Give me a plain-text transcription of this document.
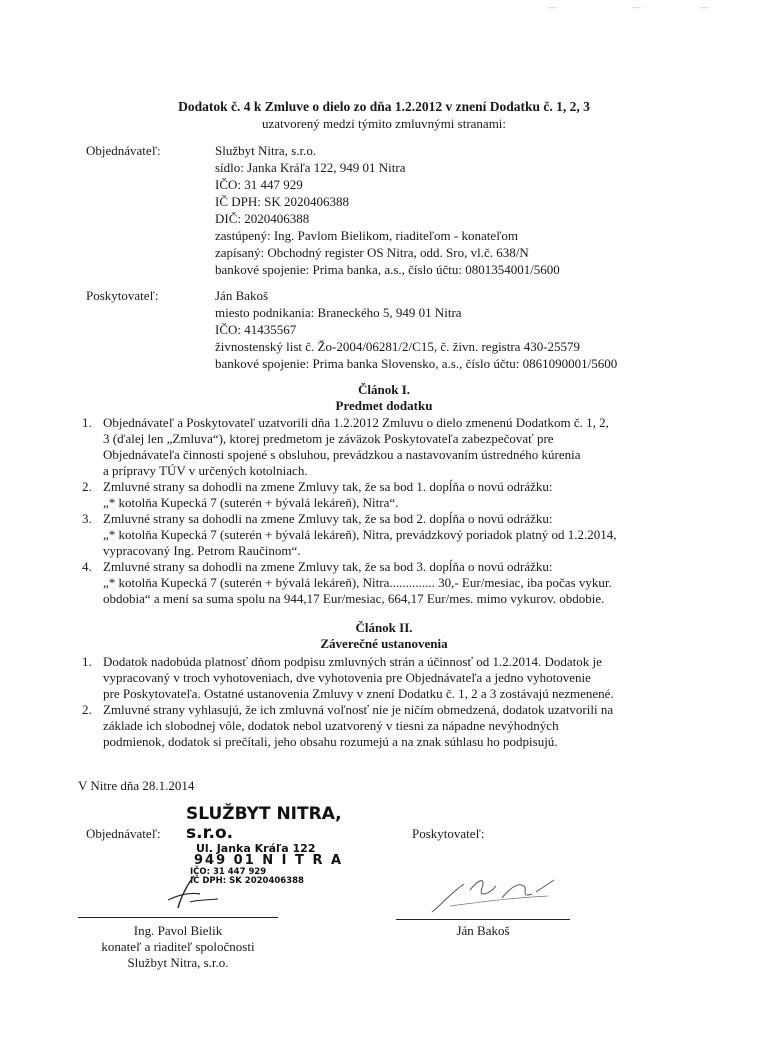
—	—	—
Dodatok č. 4 k Zmluve o dielo zo dňa 1.2.2012 v znení Dodatku č. 1, 2, 3
uzatvorený medzi týmito zmluvnými stranami:
Objednávateľ:	Službyt Nitra, s.r.o.
sídlo: Janka Kráľa 122, 949 01 Nitra
IČO: 31 447 929
IČ DPH: SK 2020406388
DIČ: 2020406388
zastúpený: Ing. Pavlom Bielikom, riaditeľom - konateľom
zapísaný: Obchodný register OS Nitra, odd. Sro, vl.č. 638/N
bankové spojenie: Prima banka, a.s., číslo účtu: 0801354001/5600
Poskytovateľ:	Ján Bakoš
miesto podnikania: Braneckého 5, 949 01 Nitra
IČO: 41435567
živnostenský list č. Žo-2004/06281/2/C15, č. živn. registra 430-25579
bankové spojenie: Prima banka Slovensko, a.s., číslo účtu: 0861090001/5600
Článok I.
Predmet dodatku
1. Objednávateľ a Poskytovateľ uzatvorili dňa 1.2.2012 Zmluvu o dielo zmenenú Dodatkom č. 1, 2,
3 (ďalej len „Zmluva“), ktorej predmetom je záväzok Poskytovateľa zabezpečovať pre
Objednávateľa činnosti spojené s obsluhou, prevádzkou a nastavovaním ústredného kúrenia
a prípravy TÚV v určených kotolniach.
2. Zmluvné strany sa dohodli na zmene Zmluvy tak, že sa bod 1. dopĺňa o novú odrážku:
„* kotolňa Kupecká 7 (suterén + bývalá lekáreň), Nitra“.
3. Zmluvné strany sa dohodli na zmene Zmluvy tak, že sa bod 2. dopĺňa o novú odrážku:
„* kotolňa Kupecká 7 (suterén + bývalá lekáreň), Nitra, prevádzkový poriadok platný od 1.2.2014,
vypracovaný Ing. Petrom Raučinom“.
4. Zmluvné strany sa dohodli na zmene Zmluvy tak, že sa bod 3. dopĺňa o novú odrážku:
„* kotolňa Kupecká 7 (suterén + bývalá lekáreň), Nitra.............. 30,- Eur/mesiac, iba počas vykur.
obdobia“ a mení sa suma spolu na 944,17 Eur/mesiac, 664,17 Eur/mes. mimo vykurov. obdobie.
Článok II.
Záverečné ustanovenia
1. Dodatok nadobúda platnosť dňom podpisu zmluvných strán a účinnosť od 1.2.2014. Dodatok je
vypracovaný v troch vyhotoveniach, dve vyhotovenia pre Objednávateľa a jedno vyhotovenie
pre Poskytovateľa. Ostatné ustanovenia Zmluvy v znení Dodatku č. 1, 2 a 3 zostávajú nezmenené.
2. Zmluvné strany vyhlasujú, že ich zmluvná voľnosť nie je ničím obmedzená, dodatok uzatvorili na
základe ich slobodnej vôle, dodatok nebol uzatvorený v tiesni za nápadne nevýhodných
podmienok, dodatok si prečítali, jeho obsahu rozumejú a na znak súhlasu ho podpisujú.
V Nitre dňa 28.1.2014
Objednávateľ:	Poskytovateľ:
SLUŽBYT NITRA, s.r.o.
Ul. Janka Kráľa 122
949 01 N I T R A
IČO: 31 447 929
IČ DPH: SK 2020406388
Ing. Pavol Bielik
konateľ a riaditeľ spoločnosti
Službyt Nitra, s.r.o.
Ján Bakoš
